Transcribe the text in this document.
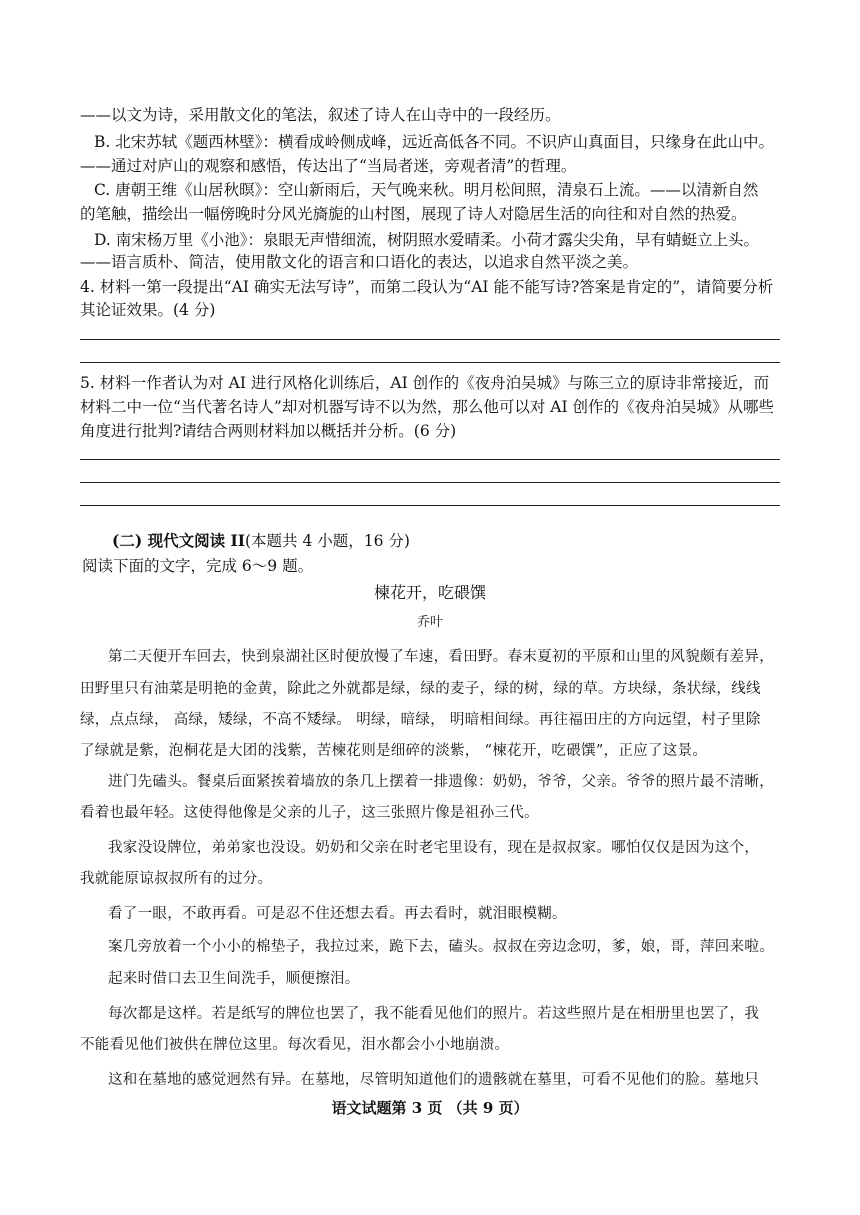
——以文为诗，采用散文化的笔法，叙述了诗人在山寺中的一段经历。
B. 北宋苏轼《题西林壁》：横看成岭侧成峰，远近高低各不同。不识庐山真面目，只缘身在此山中。
——通过对庐山的观察和感悟，传达出了“当局者迷，旁观者清”的哲理。
C. 唐朝王维《山居秋暝》：空山新雨后，天气晚来秋。明月松间照，清泉石上流。——以清新自然
的笔触，描绘出一幅傍晚时分风光旖旎的山村图，展现了诗人对隐居生活的向往和对自然的热爱。
D. 南宋杨万里《小池》：泉眼无声惜细流，树阴照水爱晴柔。小荷才露尖尖角，早有蜻蜓立上头。
——语言质朴、简洁，使用散文化的语言和口语化的表达，以追求自然平淡之美。
4. 材料一第一段提出“AI 确实无法写诗”，而第二段认为“AI 能不能写诗?答案是肯定的”，请简要分析
其论证效果。(4 分)
5. 材料一作者认为对 AI 进行风格化训练后，AI 创作的《夜舟泊吴城》与陈三立的原诗非常接近，而
材料二中一位“当代著名诗人”却对机器写诗不以为然，那么他可以对 AI 创作的《夜舟泊吴城》从哪些
角度进行批判?请结合两则材料加以概括并分析。(6 分)
(二) 现代文阅读 II(本题共 4 小题，16 分)
阅读下面的文字，完成 6～9 题。
楝花开，吃碨馔
乔叶
第二天便开车回去，快到泉湖社区时便放慢了车速，看田野。春末夏初的平原和山里的风貌颇有差异，
田野里只有油菜是明艳的金黄，除此之外就都是绿，绿的麦子，绿的树，绿的草。方块绿，条状绿，线线
绿，点点绿， 高绿，矮绿，不高不矮绿。 明绿，暗绿， 明暗相间绿。再往福田庄的方向远望，村子里除
了绿就是紫，泡桐花是大团的浅紫，苦楝花则是细碎的淡紫， “楝花开，吃碨馔”，正应了这景。
进门先磕头。餐桌后面紧挨着墙放的条几上摆着一排遗像：奶奶，爷爷，父亲。爷爷的照片最不清晰，
看着也最年轻。这使得他像是父亲的儿子，这三张照片像是祖孙三代。
我家没设牌位，弟弟家也没设。奶奶和父亲在时老宅里设有，现在是叔叔家。哪怕仅仅是因为这个，
我就能原谅叔叔所有的过分。
看了一眼，不敢再看。可是忍不住还想去看。再去看时，就泪眼模糊。
案几旁放着一个小小的棉垫子，我拉过来，跪下去，磕头。叔叔在旁边念叨，爹，娘，哥，萍回来啦。
起来时借口去卫生间洗手，顺便擦泪。
每次都是这样。若是纸写的牌位也罢了，我不能看见他们的照片。若这些照片是在相册里也罢了，我
不能看见他们被供在牌位这里。每次看见，泪水都会小小地崩溃。
这和在墓地的感觉迥然有异。在墓地，尽管明知道他们的遗骸就在墓里，可看不见他们的脸。墓地只
语文试题第 3 页 （共 9 页）
